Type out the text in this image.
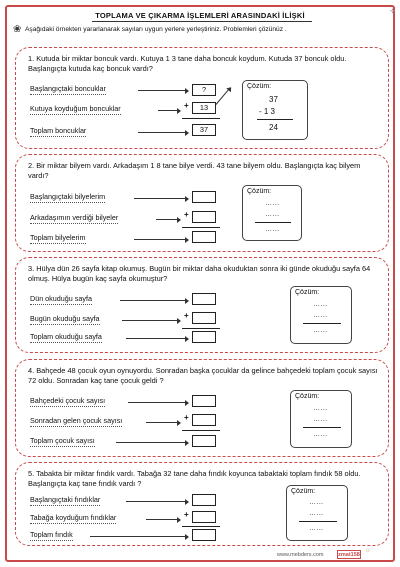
✣
TOPLAMA VE ÇIKARMA İŞLEMLERİ ARASINDAKİ İLİŞKİ
❀ Aşağıdaki örnekten yararlanarak sayıları uygun yerlere yerleştiriniz. Problemleri çözünüz .
1. Kutuda bir miktar boncuk vardı. Kutuya 1 3 tane daha boncuk koydum. Kutuda 37 boncuk oldu. Başlangıçta kutuda kaç boncuk vardı?
Başlangıçtaki boncuklar	?
Kutuya koyduğum boncuklar	+	13
Toplam boncuklar	37
Çözüm:
37
- 1 3
24
2. Bir miktar bilyem vardı. Arkadaşım 1 8 tane bilye verdi. 43 tane bilyem oldu. Başlangıçta kaç bilyem vardı?
Başlangıçtaki bilyelerim
Arkadaşımın verdiği bilyeler	+
Toplam bilyelerim
Çözüm:
……
……
……
3. Hülya dün 26 sayfa kitap okumuş. Bugün bir miktar daha okuduktan sonra iki günde okuduğu sayfa 64 olmuş. Hülya bugün kaç sayfa okumuştur?
Dün okuduğu sayfa
Bugün okuduğu sayfa	+
Toplam okuduğu sayfa
Çözüm:
……
……
……
4. Bahçede 48 çocuk oyun oynuyordu. Sonradan başka çocuklar da gelince bahçedeki toplam çocuk sayısı 72 oldu. Sonradan kaç tane çocuk geldi ?
Bahçedeki çocuk sayısı
Sonradan gelen çocuk sayısı	+
Toplam çocuk sayısı
Çözüm:
……
……
……
5. Tabakta bir miktar fındık vardı. Tabağa 32 tane daha fındık koyunca tabaktaki toplam fındık 58 oldu. Başlangıçta kaç tane fındık vardı ?
Başlangıçtaki fındıklar
Tabağa koyduğum fındıklar	+
Toplam fındık
Çözüm:
……
……
……
www.mebders.com	zmat158
☼
